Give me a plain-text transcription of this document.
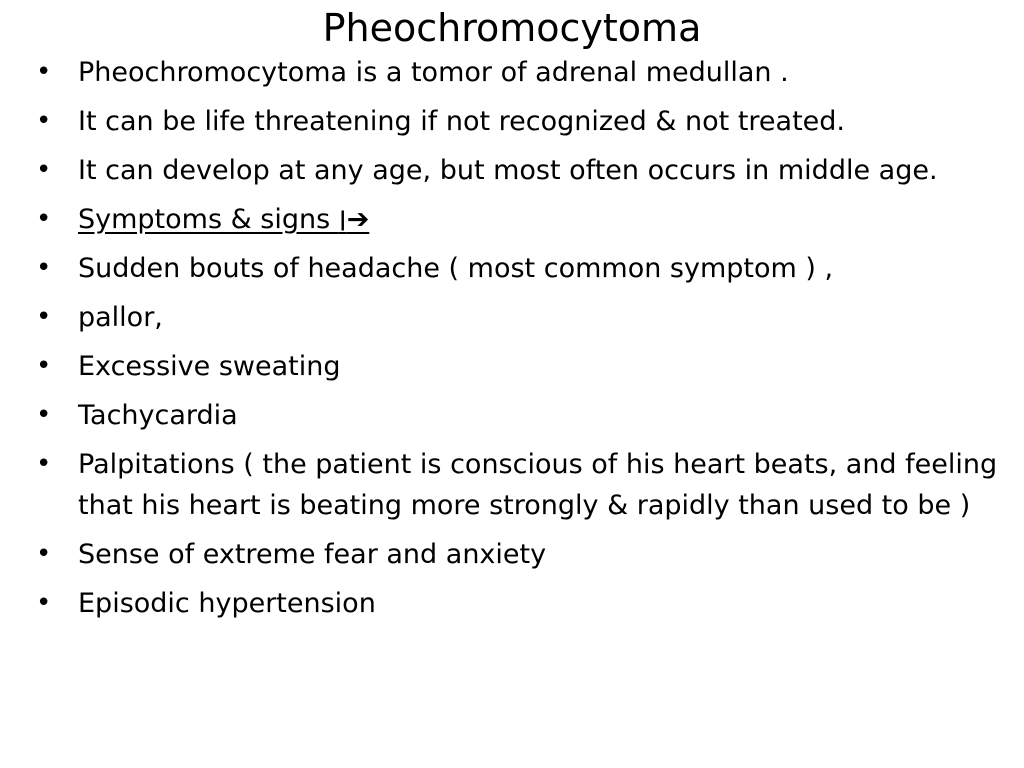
Pheochromocytoma
• Pheochromocytoma is a tomor of adrenal medullan .
• It can be life threatening if not recognized & not treated.
• It can develop at any age, but most often occurs in middle age.
• Symptoms & signs ׀➔
• Sudden bouts of headache ( most common symptom ) ,
• pallor,
• Excessive sweating
• Tachycardia
• Palpitations ( the patient is conscious of his heart beats, and feeling that his heart is beating more strongly & rapidly than used to be )
• Sense of extreme fear and anxiety
• Episodic hypertension
